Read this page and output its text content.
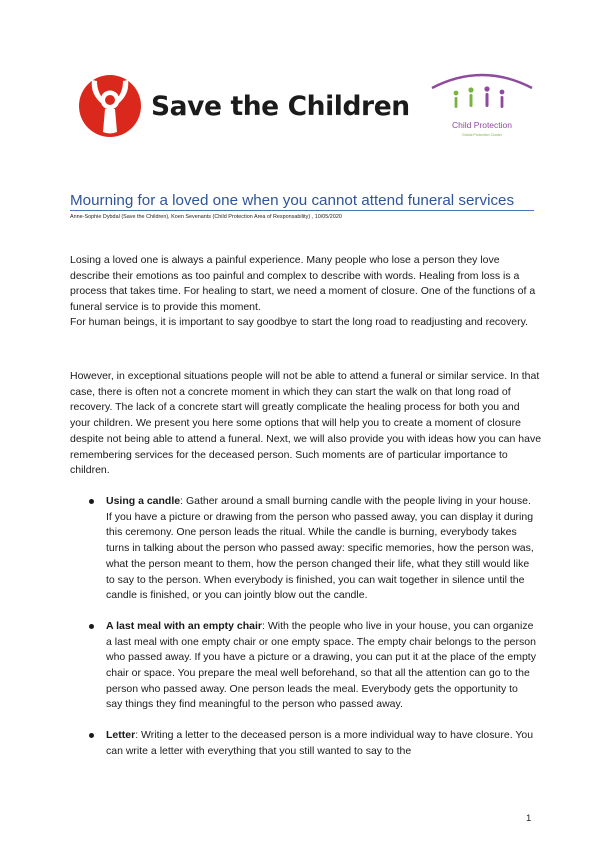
Save the Children
Child Protection
Global Protection Cluster
Mourning for a loved one when you cannot attend funeral services
Anne-Sophie Dybdal (Save the Children), Koen Sevenants (Child Protection Area of Responsability) , 10/05/2020

Losing a loved one is always a painful experience. Many people who lose a person they love describe their emotions as too painful and complex to describe with words. Healing from loss is a process that takes time. For healing to start, we need a moment of closure. One of the functions of a funeral service is to provide this moment.

For human beings, it is important to say goodbye to start the long road to readjusting and recovery.

However, in exceptional situations people will not be able to attend a funeral or similar service. In that case, there is often not a concrete moment in which they can start the walk on that long road of recovery. The lack of a concrete start will greatly complicate the healing process for both you and your children. We present you here some options that will help you to create a moment of closure despite not being able to attend a funeral. Next, we will also provide you with ideas how you can have remembering services for the deceased person. Such moments are of particular importance to children.

Using a candle: Gather around a small burning candle with the people living in your house. If you have a picture or drawing from the person who passed away, you can display it during this ceremony. One person leads the ritual. While the candle is burning, everybody takes turns in talking about the person who passed away: specific memories, how the person was, what the person meant to them, how the person changed their life, what they still would like to say to the person. When everybody is finished, you can wait together in silence until the candle is finished, or you can jointly blow out the candle.
A last meal with an empty chair: With the people who live in your house, you can organize a last meal with one empty chair or one empty space. The empty chair belongs to the person who passed away. If you have a picture or a drawing, you can put it at the place of the empty chair or space. You prepare the meal well beforehand, so that all the attention can go to the person who passed away. One person leads the meal. Everybody gets the opportunity to say things they find meaningful to the person who passed away.
Letter: Writing a letter to the deceased person is a more individual way to have closure. You can write a letter with everything that you still wanted to say to the
1
